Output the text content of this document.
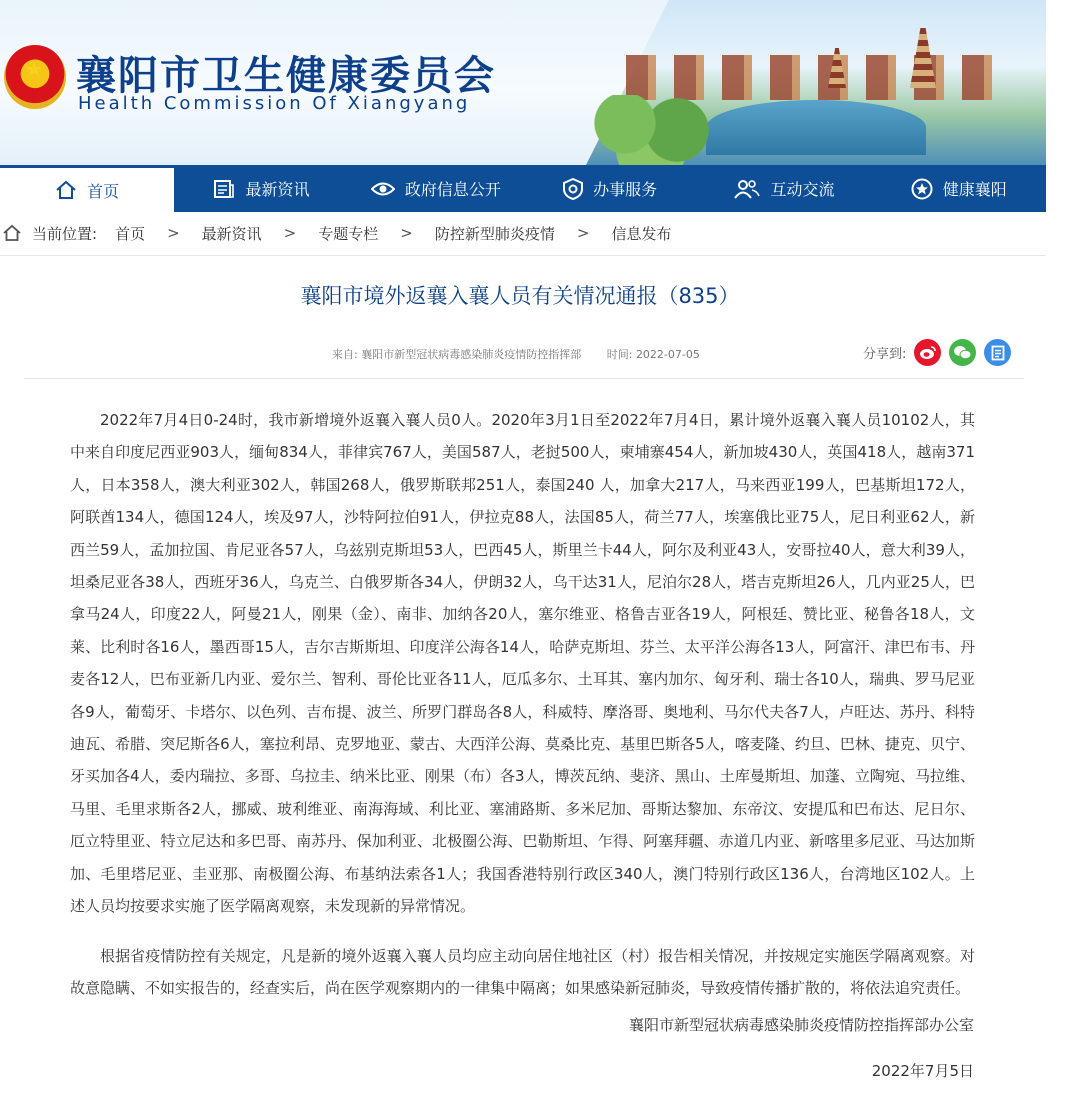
★ 襄阳市卫生健康委员会
Health Commission Of Xiangyang
首页	最新资讯	政府信息公开	办事服务	互动交流	健康襄阳
当前位置: 首页 > 最新资讯 > 专题专栏 > 防控新型肺炎疫情 > 信息发布
襄阳市境外返襄入襄人员有关情况通报（835）
来自: 襄阳市新型冠状病毒感染肺炎疫情防控指挥部 时间: 2022-07-05	分享到:

2022年7月4日0-24时，我市新增境外返襄入襄人员0人。2020年3月1日至2022年7月4日，累计境外返襄入襄人员10102人，其中来自印度尼西亚903人，缅甸834人，菲律宾767人，美国587人，老挝500人，柬埔寨454人，新加坡430人，英国418人，越南371人，日本358人，澳大利亚302人，韩国268人，俄罗斯联邦251人，泰国240 人，加拿大217人，马来西亚199人，巴基斯坦172人，阿联酋134人，德国124人，埃及97人，沙特阿拉伯91人，伊拉克88人，法国85人，荷兰77人，埃塞俄比亚75人，尼日利亚62人，新西兰59人，孟加拉国、肯尼亚各57人，乌兹别克斯坦53人，巴西45人，斯里兰卡44人，阿尔及利亚43人，安哥拉40人，意大利39人，坦桑尼亚各38人，西班牙36人，乌克兰、白俄罗斯各34人，伊朗32人，乌干达31人，尼泊尔28人，塔吉克斯坦26人，几内亚25人，巴拿马24人，印度22人，阿曼21人，刚果（金）、南非、加纳各20人，塞尔维亚、格鲁吉亚各19人，阿根廷、赞比亚、秘鲁各18人，文莱、比利时各16人，墨西哥15人，吉尔吉斯斯坦、印度洋公海各14人，哈萨克斯坦、芬兰、太平洋公海各13人，阿富汗、津巴布韦、丹麦各12人，巴布亚新几内亚、爱尔兰、智利、哥伦比亚各11人，厄瓜多尔、土耳其、塞内加尔、匈牙利、瑞士各10人，瑞典、罗马尼亚各9人，葡萄牙、卡塔尔、以色列、吉布提、波兰、所罗门群岛各8人，科威特、摩洛哥、奥地利、马尔代夫各7人，卢旺达、苏丹、科特迪瓦、希腊、突尼斯各6人，塞拉利昂、克罗地亚、蒙古、大西洋公海、莫桑比克、基里巴斯各5人，喀麦隆、约旦、巴林、捷克、贝宁、牙买加各4人，委内瑞拉、多哥、乌拉圭、纳米比亚、刚果（布）各3人，博茨瓦纳、斐济、黑山、土库曼斯坦、加蓬、立陶宛、马拉维、马里、毛里求斯各2人，挪威、玻利维亚、南海海域、利比亚、塞浦路斯、多米尼加、哥斯达黎加、东帝汶、安提瓜和巴布达、尼日尔、厄立特里亚、特立尼达和多巴哥、南苏丹、保加利亚、北极圈公海、巴勒斯坦、乍得、阿塞拜疆、赤道几内亚、新喀里多尼亚、马达加斯加、毛里塔尼亚、圭亚那、南极圈公海、布基纳法索各1人；我国香港特别行政区340人，澳门特别行政区136人，台湾地区102人。上述人员均按要求实施了医学隔离观察，未发现新的异常情况。

根据省疫情防控有关规定，凡是新的境外返襄入襄人员均应主动向居住地社区（村）报告相关情况，并按规定实施医学隔离观察。对故意隐瞒、不如实报告的，经查实后，尚在医学观察期内的一律集中隔离；如果感染新冠肺炎，导致疫情传播扩散的，将依法追究责任。

襄阳市新型冠状病毒感染肺炎疫情防控指挥部办公室
2022年7月5日
